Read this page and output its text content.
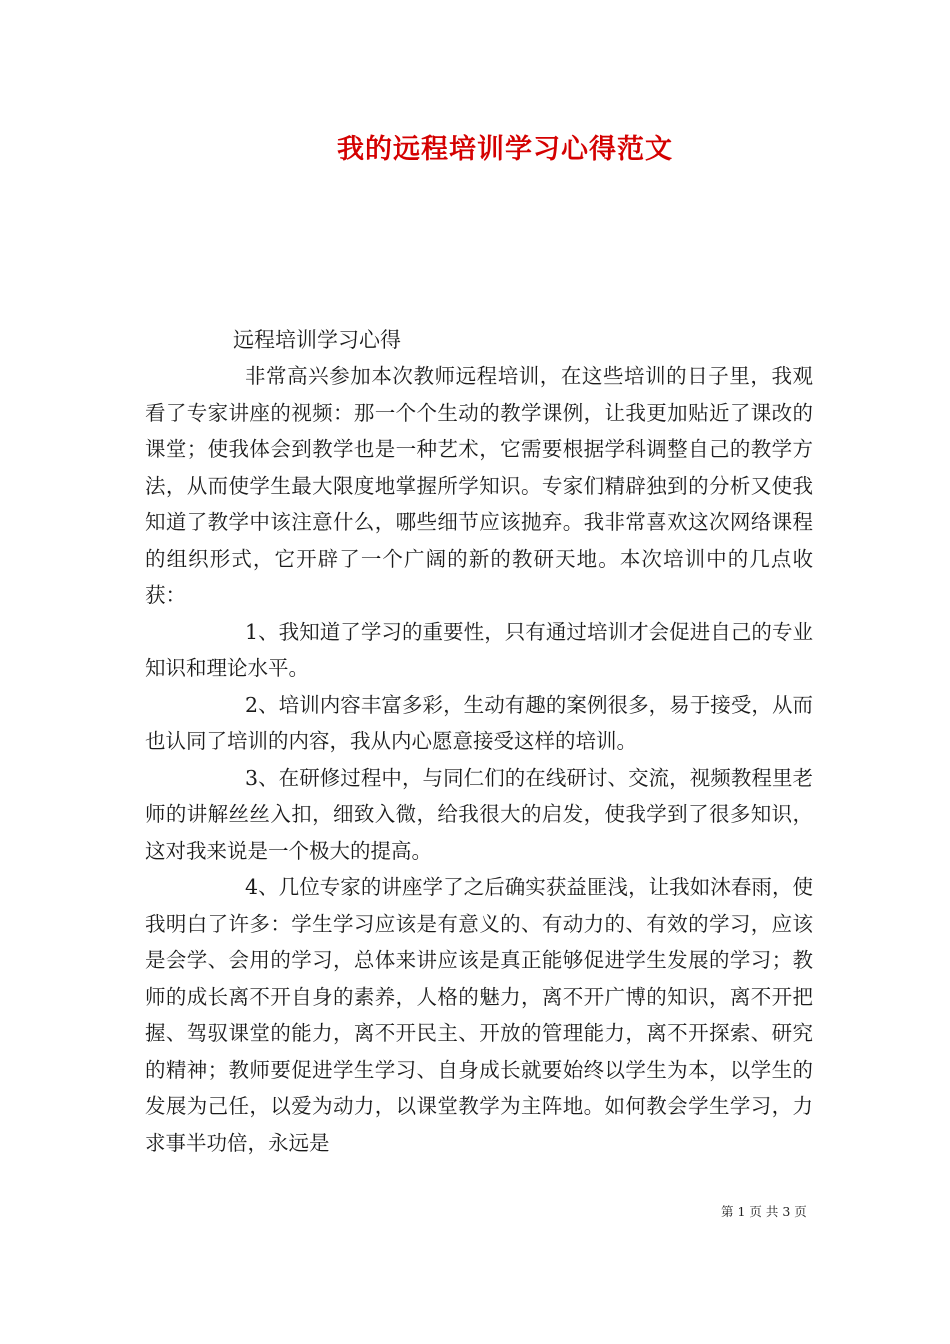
我的远程培训学习心得范文

远程培训学习心得

非常高兴参加本次教师远程培训，在这些培训的日子里，我观看了专家讲座的视频：那一个个生动的教学课例，让我更加贴近了课改的课堂；使我体会到教学也是一种艺术，它需要根据学科调整自己的教学方法，从而使学生最大限度地掌握所学知识。专家们精辟独到的分析又使我知道了教学中该注意什么，哪些细节应该抛弃。我非常喜欢这次网络课程的组织形式，它开辟了一个广阔的新的教研天地。本次培训中的几点收获：

1、我知道了学习的重要性，只有通过培训才会促进自己的专业知识和理论水平。

2、培训内容丰富多彩，生动有趣的案例很多，易于接受，从而也认同了培训的内容，我从内心愿意接受这样的培训。

3、在研修过程中，与同仁们的在线研讨、交流，视频教程里老师的讲解丝丝入扣，细致入微，给我很大的启发，使我学到了很多知识，这对我来说是一个极大的提高。

4、几位专家的讲座学了之后确实获益匪浅，让我如沐春雨，使我明白了许多：学生学习应该是有意义的、有动力的、有效的学习，应该是会学、会用的学习，总体来讲应该是真正能够促进学生发展的学习；教师的成长离不开自身的素养，人格的魅力，离不开广博的知识，离不开把握、驾驭课堂的能力，离不开民主、开放的管理能力，离不开探索、研究的精神；教师要促进学生学习、自身成长就要始终以学生为本，以学生的发展为己任，以爱为动力，以课堂教学为主阵地。如何教会学生学习，力求事半功倍，永远是

第 1 页 共 3 页
